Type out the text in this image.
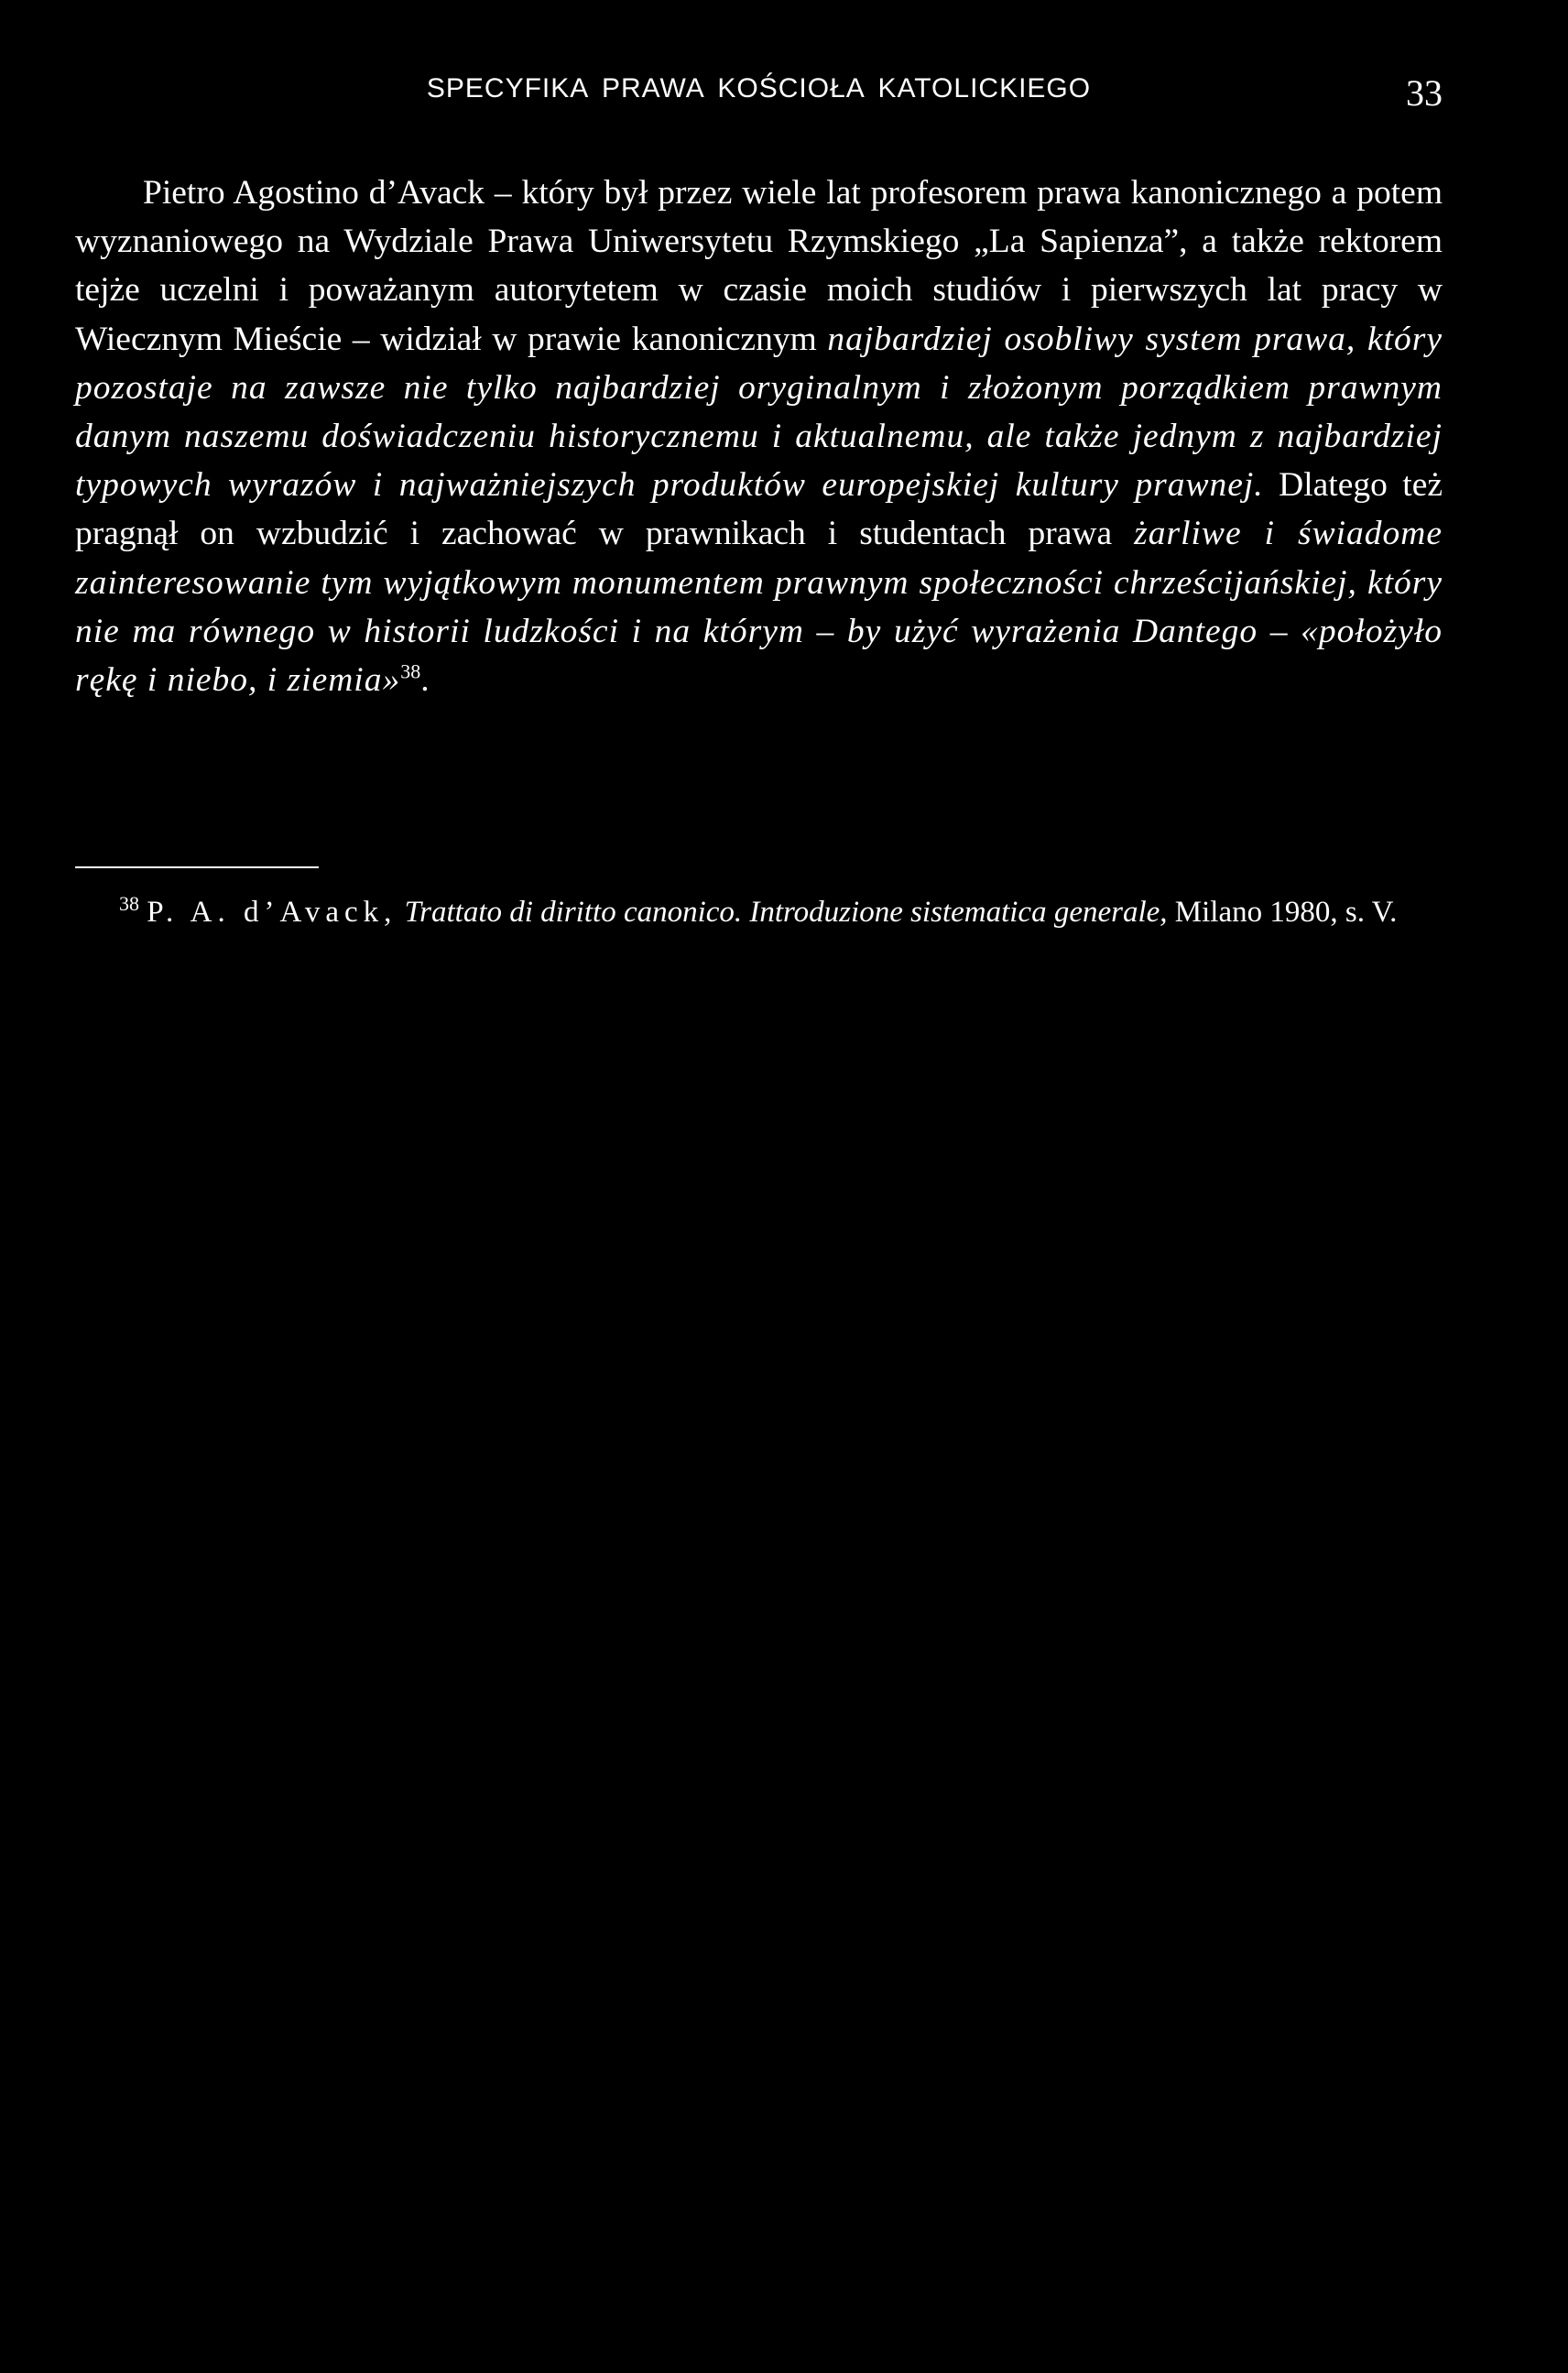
SPECYFIKA PRAWA KOŚCIOŁA KATOLICKIEGO	33

Pietro Agostino d’Avack – który był przez wiele lat profesorem prawa kanonicznego a potem wyznaniowego na Wydziale Prawa Uniwersytetu Rzymskiego „La Sapienza”, a także rektorem tejże uczelni i poważanym autorytetem w czasie moich studiów i pierwszych lat pracy w Wiecznym Mieście – widział w prawie kanonicznym najbardziej osobliwy system prawa, który pozostaje na zawsze nie tylko najbardziej oryginalnym i złożonym porządkiem prawnym danym naszemu doświadczeniu historycznemu i aktualnemu, ale także jednym z najbardziej typowych wyrazów i najważniejszych produktów europejskiej kultury prawnej. Dlatego też pragnął on wzbudzić i zachować w prawnikach i studentach prawa żarliwe i świadome zainteresowanie tym wyjątkowym monumentem prawnym społeczności chrześcijańskiej, który nie ma równego w historii ludzkości i na którym – by użyć wyrażenia Dantego – «położyło rękę i niebo, i ziemia»$^{38}$.

$^{38}$ P. A. d’Avack, Trattato di diritto canonico. Introduzione sistematica generale, Milano 1980, s. V.
